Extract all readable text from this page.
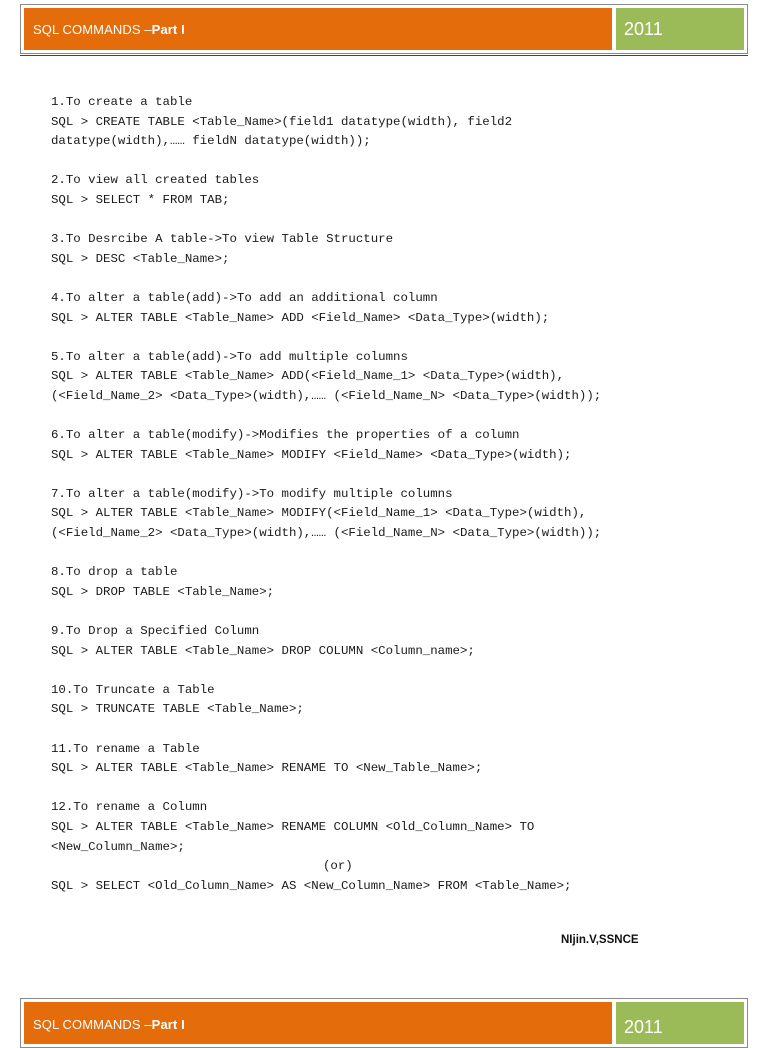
SQL COMMANDS – Part I	2011
1.To create a table
SQL > CREATE TABLE <Table_Name>(field1 datatype(width), field2
datatype(width),…… fieldN datatype(width));
2.To view all created tables
SQL > SELECT * FROM TAB;
3.To Desrcibe A table->To view Table Structure
SQL > DESC <Table_Name>;
4.To alter a table(add)->To add an additional column
SQL > ALTER TABLE <Table_Name> ADD <Field_Name> <Data_Type>(width);
5.To alter a table(add)->To add multiple columns
SQL > ALTER TABLE <Table_Name> ADD(<Field_Name_1> <Data_Type>(width),
(<Field_Name_2> <Data_Type>(width),…… (<Field_Name_N> <Data_Type>(width));
6.To alter a table(modify)->Modifies the properties of a column
SQL > ALTER TABLE <Table_Name> MODIFY <Field_Name> <Data_Type>(width);
7.To alter a table(modify)->To modify multiple columns
SQL > ALTER TABLE <Table_Name> MODIFY(<Field_Name_1> <Data_Type>(width),
(<Field_Name_2> <Data_Type>(width),…… (<Field_Name_N> <Data_Type>(width));
8.To drop a table
SQL > DROP TABLE <Table_Name>;
9.To Drop a Specified Column
SQL > ALTER TABLE <Table_Name> DROP COLUMN <Column_name>;
10.To Truncate a Table
SQL > TRUNCATE TABLE <Table_Name>;
11.To rename a Table
SQL > ALTER TABLE <Table_Name> RENAME TO <New_Table_Name>;
12.To rename a Column
SQL > ALTER TABLE <Table_Name> RENAME COLUMN <Old_Column_Name> TO
<New_Column_Name>;
(or)
SQL > SELECT <Old_Column_Name> AS <New_Column_Name> FROM <Table_Name>;
NIjin.V,SSNCE
SQL COMMANDS – Part I	2011
